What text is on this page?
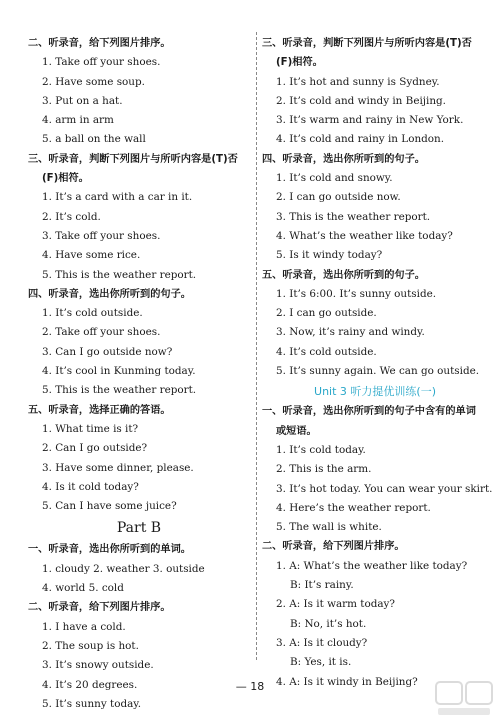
二、听录音，给下列图片排序。
1. Take off your shoes.
2. Have some soup.
3. Put on a hat.
4. arm in arm
5. a ball on the wall
三、听录音，判断下列图片与所听内容是(T)否
(F)相符。
1. It’s a card with a car in it.
2. It’s cold.
3. Take off your shoes.
4. Have some rice.
5. This is the weather report.
四、听录音，选出你所听到的句子。
1. It’s cold outside.
2. Take off your shoes.
3. Can I go outside now?
4. It’s cool in Kunming today.
5. This is the weather report.
五、听录音，选择正确的答语。
1. What time is it?
2. Can I go outside?
3. Have some dinner, please.
4. Is it cold today?
5. Can I have some juice?
Part B
一、听录音，选出你所听到的单词。
1. cloudy 2. weather 3. outside
4. world 5. cold
二、听录音，给下列图片排序。
1. I have a cold.
2. The soup is hot.
3. It’s snowy outside.
4. It’s 20 degrees.
5. It’s sunny today.
三、听录音，判断下列图片与所听内容是(T)否
(F)相符。
1. It’s hot and sunny is Sydney.
2. It’s cold and windy in Beijing.
3. It’s warm and rainy in New York.
4. It’s cold and rainy in London.
四、听录音，选出你所听到的句子。
1. It’s cold and snowy.
2. I can go outside now.
3. This is the weather report.
4. What’s the weather like today?
5. Is it windy today?
五、听录音，选出你所听到的句子。
1. It’s 6:00. It’s sunny outside.
2. I can go outside.
3. Now, it’s rainy and windy.
4. It’s cold outside.
5. It’s sunny again. We can go outside.
Unit 3 听力提优训练(一)
一、听录音，选出你所听到的句子中含有的单词
或短语。
1. It’s cold today.
2. This is the arm.
3. It’s hot today. You can wear your skirt.
4. Here’s the weather report.
5. The wall is white.
二、听录音，给下列图片排序。
1. A: What’s the weather like today?
B: It’s rainy.
2. A: Is it warm today?
B: No, it’s hot.
3. A: Is it cloudy?
B: Yes, it is.
4. A: Is it windy in Beijing?
— 18
